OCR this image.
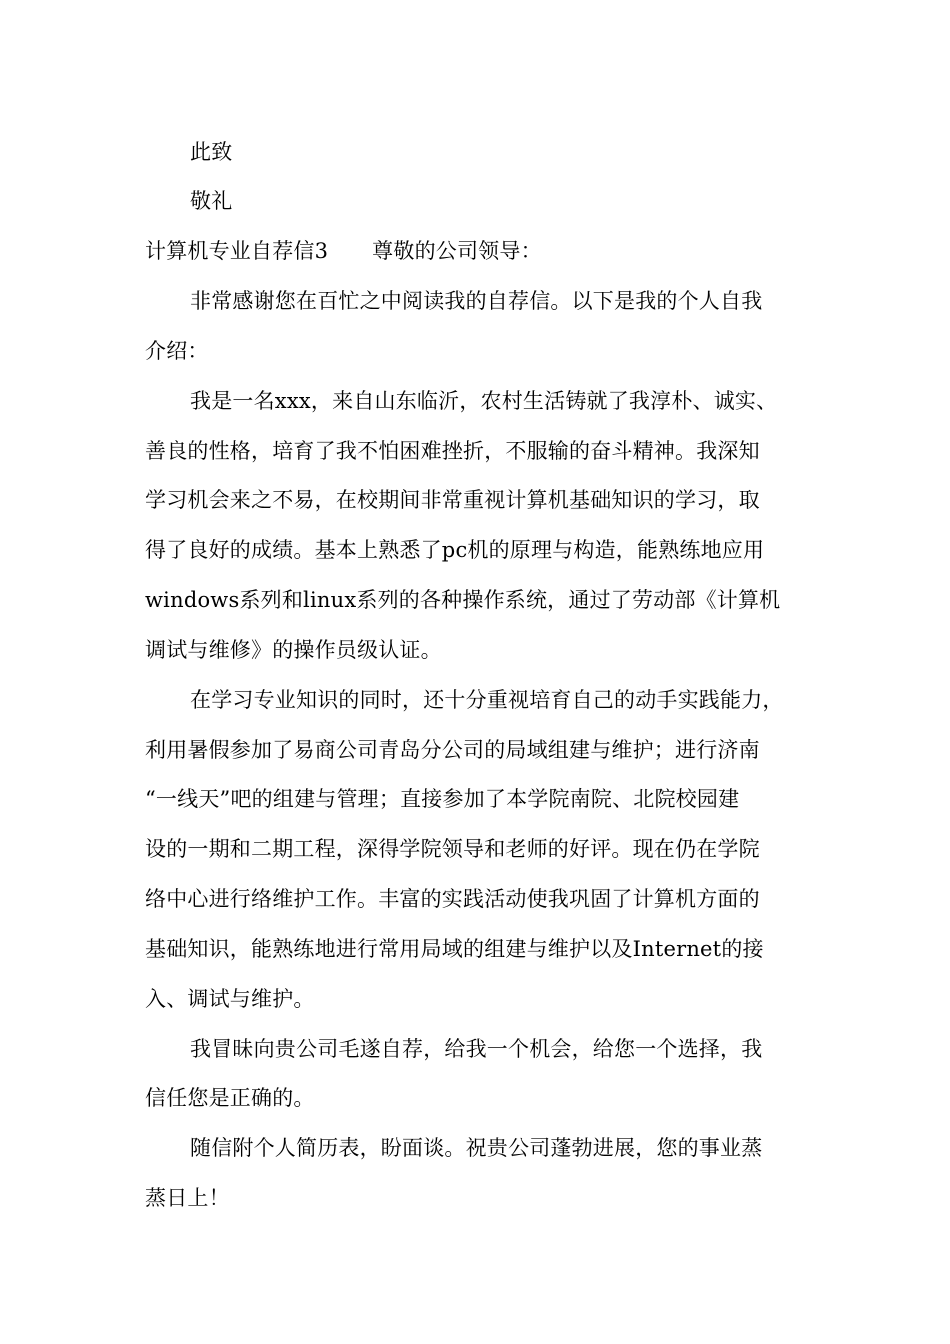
此致
敬礼
计算机专业自荐信3 尊敬的公司领导：
非常感谢您在百忙之中阅读我的自荐信。以下是我的个人自我
介绍：
我是一名xxx，来自山东临沂，农村生活铸就了我淳朴、诚实、
善良的性格，培育了我不怕困难挫折，不服输的奋斗精神。我深知
学习机会来之不易，在校期间非常重视计算机基础知识的学习，取
得了良好的成绩。基本上熟悉了pc机的原理与构造，能熟练地应用
windows系列和linux系列的各种操作系统，通过了劳动部《计算机
调试与维修》的操作员级认证。
在学习专业知识的同时，还十分重视培育自己的动手实践能力，
利用暑假参加了易商公司青岛分公司的局域组建与维护；进行济南
“一线天”吧的组建与管理；直接参加了本学院南院、北院校园建
设的一期和二期工程，深得学院领导和老师的好评。现在仍在学院
络中心进行络维护工作。丰富的实践活动使我巩固了计算机方面的
基础知识，能熟练地进行常用局域的组建与维护以及Internet的接
入、调试与维护。
我冒昧向贵公司毛遂自荐，给我一个机会，给您一个选择，我
信任您是正确的。
随信附个人简历表，盼面谈。祝贵公司蓬勃进展，您的事业蒸
蒸日上！
